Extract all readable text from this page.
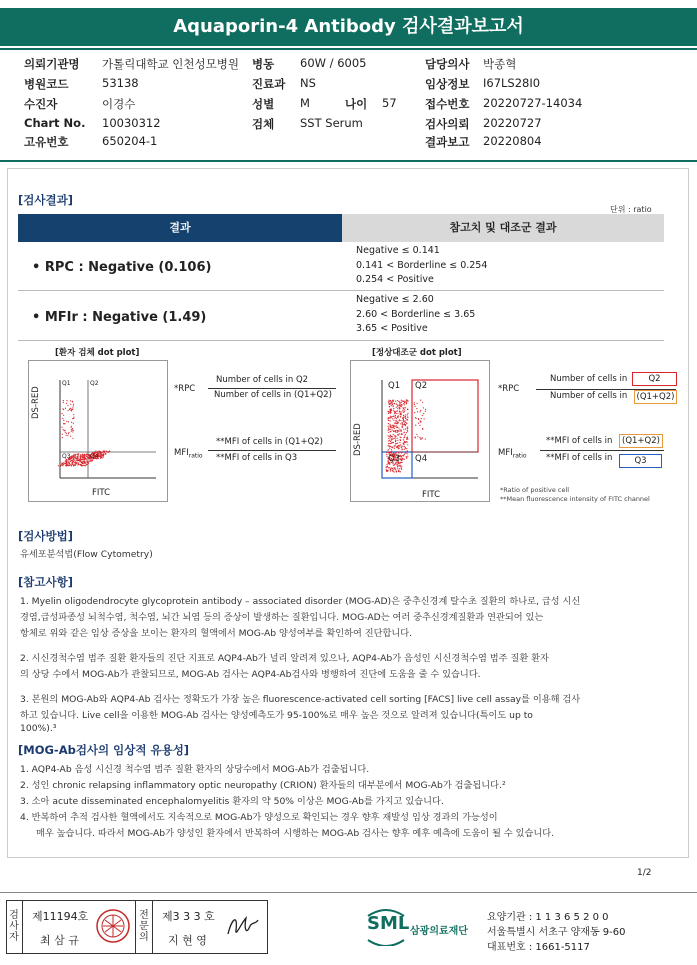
Aquaporin-4 Antibody 검사결과보고서
의뢰기관명 가톨릭대학교 인천성모병원
병원코드	53138
수진자	이경수
Chart No. 10030312
고유번호	650204-1
병동 60W / 6005
진료과 NS
성별 M	나이 57
검체 SST Serum
담당의사 박종혁
임상정보 I67LS28I0
접수번호 20220727-14034
검사의뢰 20220727
결과보고 20220804
[검사결과]
단위 : ratio
결과	참고치 및 대조군 결과
• RPC : Negative (0.106)
Negative ≤ 0.141
0.141 < Borderline ≤ 0.254
0.254 < Positive
• MFIr : Negative (1.49)
Negative ≤ 2.60
2.60 < Borderline ≤ 3.65
3.65 < Positive
[환자 검체 dot plot]
DS-RED
FITC
Q1	Q2
Q3	Q4
*RPC
Number of cells in Q2
Number of cells in (Q1+Q2)
$MFI_{ratio}$
**MFI of cells in (Q1+Q2)
**MFI of cells in Q3
[정상대조군 dot plot]
DS-RED
FITC
Q1 Q2
Q3 Q4
*RPC
Number of cells in	Q2
Number of cells in (Q1+Q2)
$MFI_{ratio}$
**MFI of cells in	(Q1+Q2)
**MFI of cells in	Q3
*Ratio of positive cell
**Mean fluorescence intensity of FITC channel
[검사방법]
유세포분석법(Flow Cytometry)
[참고사항]
1. Myelin oligodendrocyte glycoprotein antibody – associated disorder (MOG-AD)은 중추신경계 탈수초 질환의 하나로, 급성 시신
경염,급성파종성 뇌척수염, 척수염, 뇌간 뇌염 등의 증상이 발생하는 질환입니다. MOG-AD는 여러 중추신경계질환과 연관되어 있는
항체로 위와 같은 임상 증상을 보이는 환자의 혈액에서 MOG-Ab 양성여부를 확인하여 진단합니다.
2. 시신경척수염 범주 질환 환자들의 진단 지표로 AQP4-Ab가 널리 알려져 있으나, AQP4-Ab가 음성인 시신경척수염 범주 질환 환자
의 상당 수에서 MOG-Ab가 관찰되므로, MOG-Ab 검사는 AQP4-Ab검사와 병행하여 진단에 도움을 줄 수 있습니다.
3. 본원의 MOG-Ab와 AQP4-Ab 검사는 정확도가 가장 높은 fluorescence-activated cell sorting [FACS] live cell assay를 이용해 검사
하고 있습니다. Live cell을 이용한 MOG-Ab 검사는 양성예측도가 95-100%로 매우 높은 것으로 알려져 있습니다(특이도 up to
100%).³
[MOG-Ab검사의 임상적 유용성]
1. AQP4-Ab 음성 시신경 척수염 범주 질환 환자의 상당수에서 MOG-Ab가 검출됩니다.
2. 성인 chronic relapsing inflammatory optic neuropathy (CRION) 환자들의 대부분에서 MOG-Ab가 검출됩니다.²
3. 소아 acute disseminated encephalomyelitis 환자의 약 50% 이상은 MOG-Ab를 가지고 있습니다.
4. 반복하여 추적 검사한 혈액에서도 지속적으로 MOG-Ab가 양성으로 확인되는 경우 향후 재발성 임상 경과의 가능성이
매우 높습니다. 따라서 MOG-Ab가 양성인 환자에서 반복하여 시행하는 MOG-Ab 검사는 향후 예후 예측에 도움이 될 수 있습니다.
1/2
검사자
제11194호
최 삼 규
전문의
제3 3 3 호
지 현 영
SML 삼광의료재단
요양기관 : 1 1 3 6 5 2 0 0
서울특별시 서초구 양재동 9-60
대표번호 : 1661-5117
